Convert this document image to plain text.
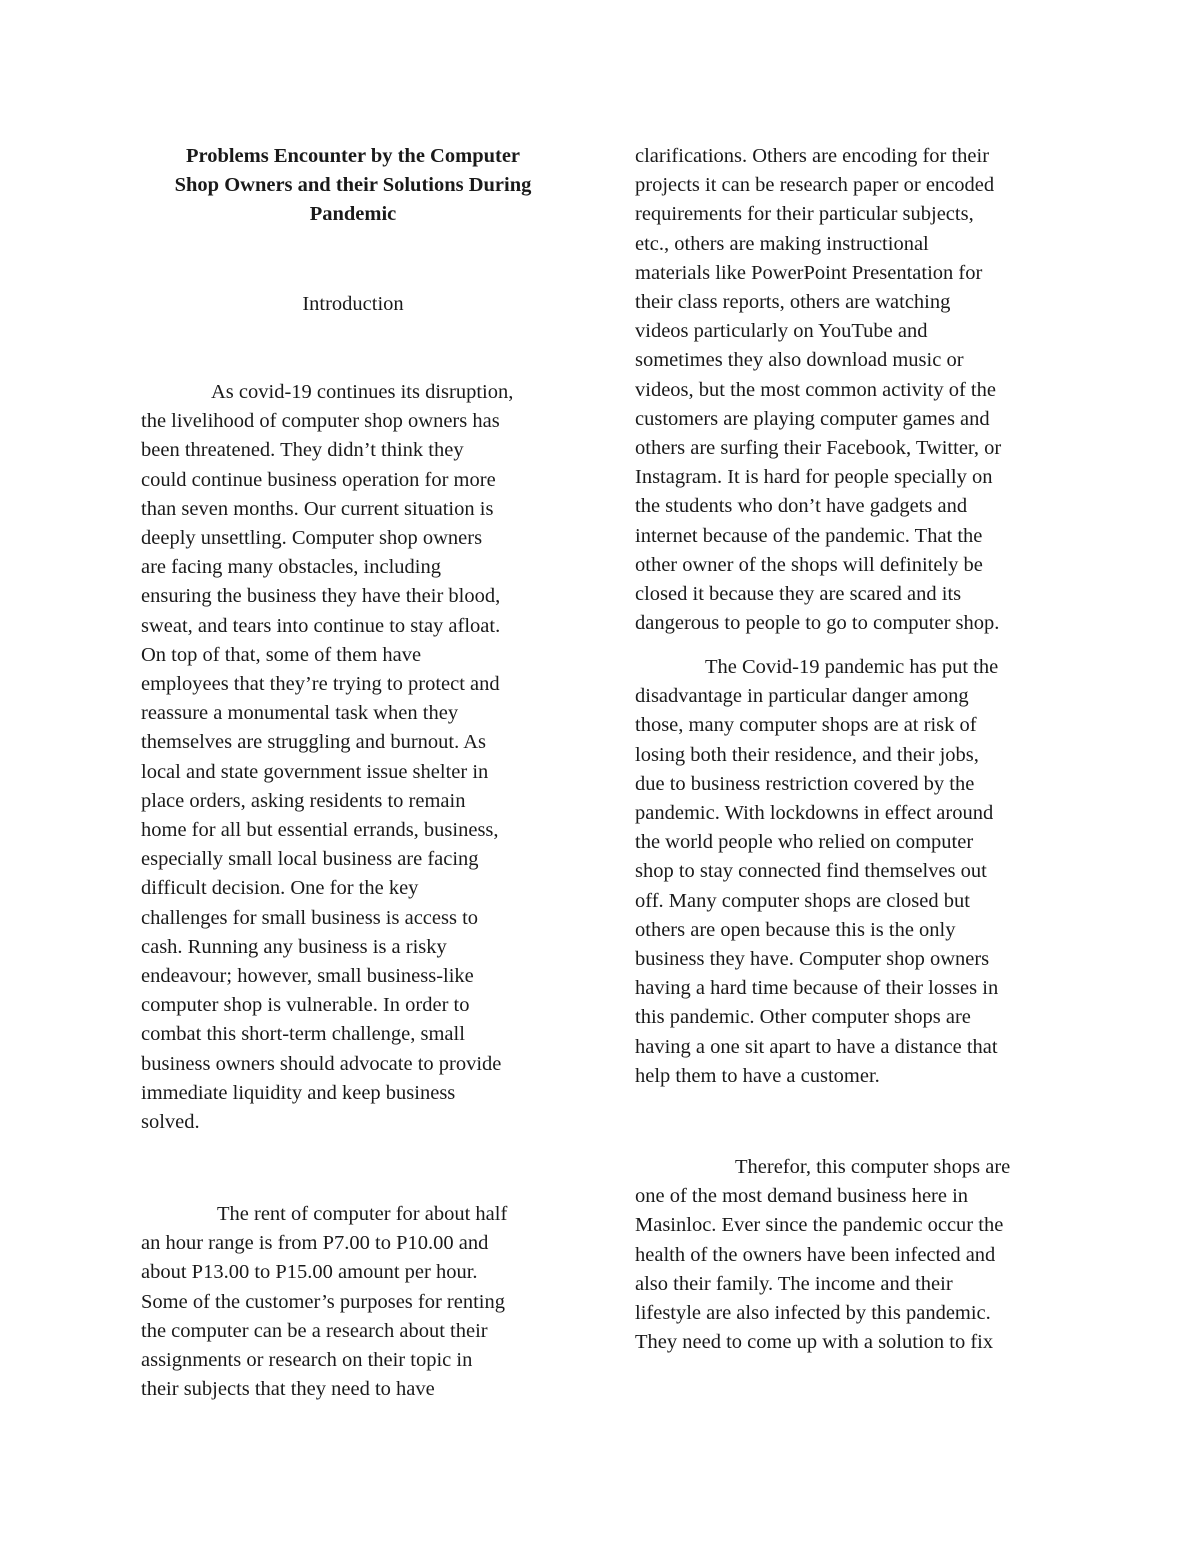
Problems Encounter by the Computer
Shop Owners and their Solutions During
Pandemic

Introduction

As covid-19 continues its disruption,
the livelihood of computer shop owners has
been threatened. They didn’t think they
could continue business operation for more
than seven months. Our current situation is
deeply unsettling. Computer shop owners
are facing many obstacles, including
ensuring the business they have their blood,
sweat, and tears into continue to stay afloat.
On top of that, some of them have
employees that they’re trying to protect and
reassure a monumental task when they
themselves are struggling and burnout. As
local and state government issue shelter in
place orders, asking residents to remain
home for all but essential errands, business,
especially small local business are facing
difficult decision. One for the key
challenges for small business is access to
cash. Running any business is a risky
endeavour; however, small business-like
computer shop is vulnerable. In order to
combat this short-term challenge, small
business owners should advocate to provide
immediate liquidity and keep business
solved.

The rent of computer for about half
an hour range is from P7.00 to P10.00 and
about P13.00 to P15.00 amount per hour.
Some of the customer’s purposes for renting
the computer can be a research about their
assignments or research on their topic in
their subjects that they need to have

clarifications. Others are encoding for their
projects it can be research paper or encoded
requirements for their particular subjects,
etc., others are making instructional
materials like PowerPoint Presentation for
their class reports, others are watching
videos particularly on YouTube and
sometimes they also download music or
videos, but the most common activity of the
customers are playing computer games and
others are surfing their Facebook, Twitter, or
Instagram. It is hard for people specially on
the students who don’t have gadgets and
internet because of the pandemic. That the
other owner of the shops will definitely be
closed it because they are scared and its
dangerous to people to go to computer shop.

The Covid-19 pandemic has put the
disadvantage in particular danger among
those, many computer shops are at risk of
losing both their residence, and their jobs,
due to business restriction covered by the
pandemic. With lockdowns in effect around
the world people who relied on computer
shop to stay connected find themselves out
off. Many computer shops are closed but
others are open because this is the only
business they have. Computer shop owners
having a hard time because of their losses in
this pandemic. Other computer shops are
having a one sit apart to have a distance that
help them to have a customer.

Therefor, this computer shops are
one of the most demand business here in
Masinloc. Ever since the pandemic occur the
health of the owners have been infected and
also their family. The income and their
lifestyle are also infected by this pandemic.
They need to come up with a solution to fix
